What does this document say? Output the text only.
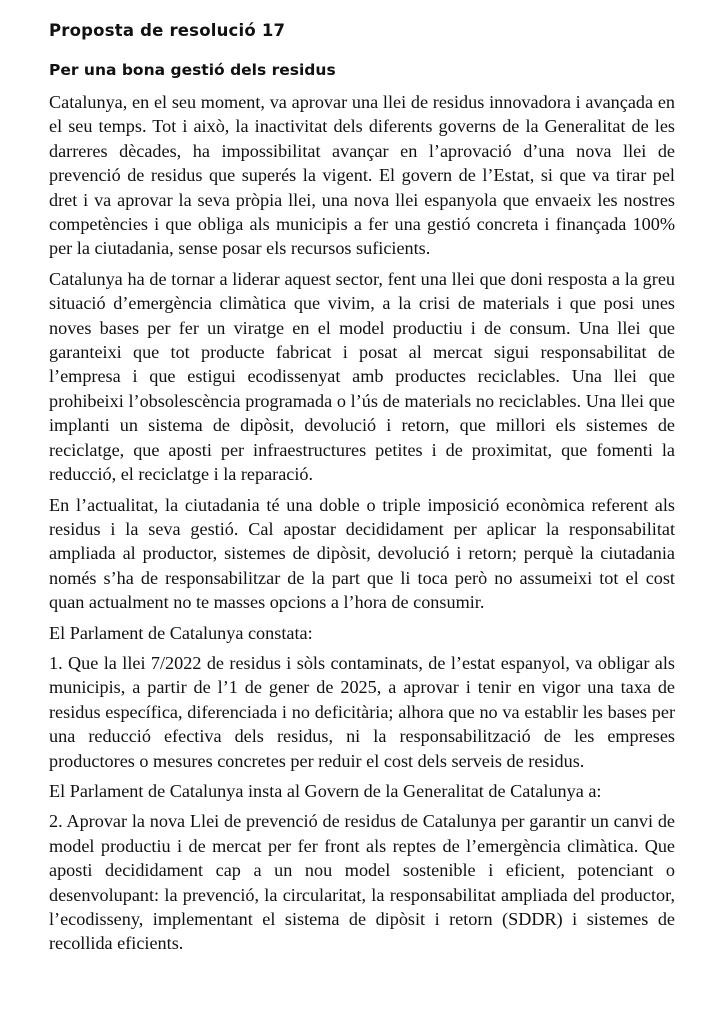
Proposta de resolució 17
Per una bona gestió dels residus

Catalunya, en el seu moment, va aprovar una llei de residus innovadora i avançada en el seu temps. Tot i això, la inactivitat dels diferents governs de la Generalitat de les darreres dècades, ha impossibilitat avançar en l’aprovació d’una nova llei de prevenció de residus que superés la vigent. El govern de l’Estat, si que va tirar pel dret i va aprovar la seva pròpia llei, una nova llei espanyola que envaeix les nostres competències i que obliga als municipis a fer una gestió concreta i finançada 100% per la ciutadania, sense posar els recursos suficients.

Catalunya ha de tornar a liderar aquest sector, fent una llei que doni resposta a la greu situació d’emergència climàtica que vivim, a la crisi de materials i que posi unes noves bases per fer un viratge en el model productiu i de consum. Una llei que garanteixi que tot producte fabricat i posat al mercat sigui responsabilitat de l’empresa i que estigui ecodissenyat amb productes reciclables. Una llei que prohibeixi l’obsolescència programada o l’ús de materials no reciclables. Una llei que implanti un sistema de dipòsit, devolució i retorn, que millori els sistemes de reciclatge, que aposti per infraestructures petites i de proximitat, que fomenti la reducció, el reciclatge i la reparació.

En l’actualitat, la ciutadania té una doble o triple imposició econòmica referent als residus i la seva gestió. Cal apostar decididament per aplicar la responsabilitat ampliada al productor, sistemes de dipòsit, devolució i retorn; perquè la ciutadania només s’ha de responsabilitzar de la part que li toca però no assumeixi tot el cost quan actualment no te masses opcions a l’hora de consumir.

El Parlament de Catalunya constata:

1. Que la llei 7/2022 de residus i sòls contaminats, de l’estat espanyol, va obligar als municipis, a partir de l’1 de gener de 2025, a aprovar i tenir en vigor una taxa de residus específica, diferenciada i no deficitària; alhora que no va establir les bases per una reducció efectiva dels residus, ni la responsabilització de les empreses productores o mesures concretes per reduir el cost dels serveis de residus.

El Parlament de Catalunya insta al Govern de la Generalitat de Catalunya a:

2. Aprovar la nova Llei de prevenció de residus de Catalunya per garantir un canvi de model productiu i de mercat per fer front als reptes de l’emergència climàtica. Que aposti decididament cap a un nou model sostenible i eficient, potenciant o desenvolupant: la prevenció, la circularitat, la responsabilitat ampliada del productor, l’ecodisseny, implementant el sistema de dipòsit i retorn (SDDR) i sistemes de recollida eficients.
